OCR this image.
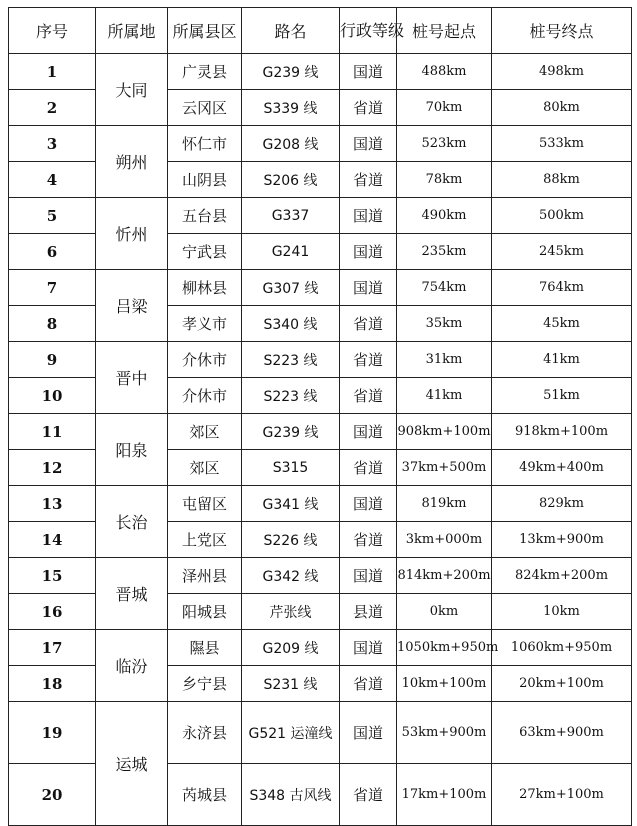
序号	所属地	所属县区	路名	行政等级	桩号起点	桩号终点
1	大同	广灵县	G239 线	国道	488km	498km
2		云冈区	S339 线	省道	70km	80km
3	朔州	怀仁市	G208 线	国道	523km	533km
4		山阴县	S206 线	省道	78km	88km
5	忻州	五台县	G337	国道	490km	500km
6		宁武县	G241	国道	235km	245km
7	吕梁	柳林县	G307 线	国道	754km	764km
8		孝义市	S340 线	省道	35km	45km
9	晋中	介休市	S223 线	省道	31km	41km
10		介休市	S223 线	省道	41km	51km
11	阳泉	郊区	G239 线	国道	908km+100m	918km+100m
12		郊区	S315	省道	37km+500m	49km+400m
13	长治	屯留区	G341 线	国道	819km	829km
14		上党区	S226 线	省道	3km+000m	13km+900m
15	晋城	泽州县	G342 线	国道	814km+200m	824km+200m
16		阳城县	芹张线	县道	0km	10km
17	临汾	隰县	G209 线	国道	1050km+950m	1060km+950m
18		乡宁县	S231 线	省道	10km+100m	20km+100m
19	运城	永济县	G521 运潼线	国道	53km+900m	63km+900m
20		芮城县	S348 古风线	省道	17km+100m	27km+100m
